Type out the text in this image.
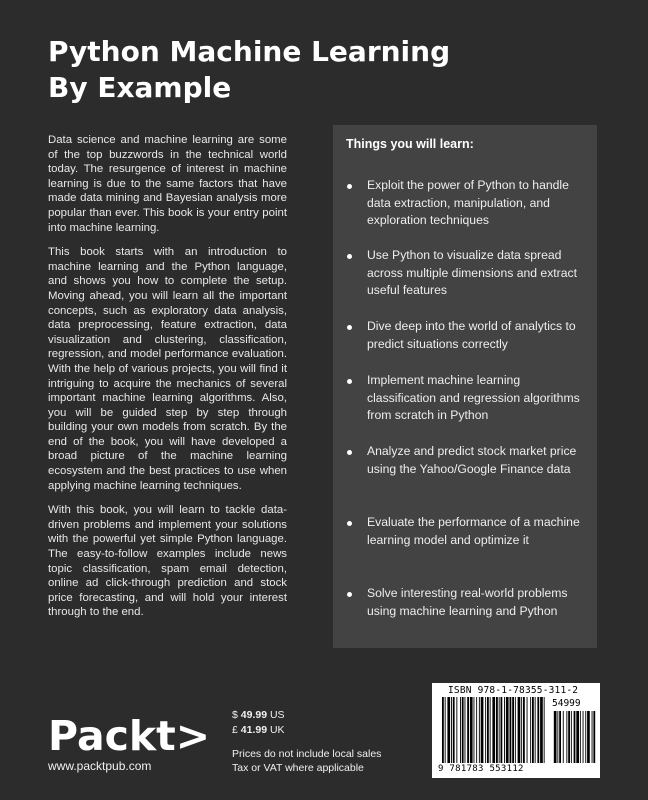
Python Machine Learning
By Example

Data science and machine learning are some of the top buzzwords in the technical world today. The resurgence of interest in machine learning is due to the same factors that have made data mining and Bayesian analysis more popular than ever. This book is your entry point into machine learning.

This book starts with an introduction to machine learning and the Python language, and shows you how to complete the setup. Moving ahead, you will learn all the important concepts, such as exploratory data analysis, data preprocessing, feature extraction, data visualization and clustering, classification, regression, and model performance evaluation. With the help of various projects, you will find it intriguing to acquire the mechanics of several important machine learning algorithms. Also, you will be guided step by step through building your own models from scratch. By the end of the book, you will have developed a broad picture of the machine learning ecosystem and the best practices to use when applying machine learning techniques.

With this book, you will learn to tackle data-driven problems and implement your solutions with the powerful yet simple Python language. The easy-to-follow examples include news topic classification, spam email detection, online ad click-through prediction and stock price forecasting, and will hold your interest through to the end.

Things you will learn:
Exploit the power of Python to handle data extraction, manipulation, and exploration techniques
Use Python to visualize data spread across multiple dimensions and extract useful features
Dive deep into the world of analytics to predict situations correctly
Implement machine learning classification and regression algorithms from scratch in Python
Analyze and predict stock market price using the Yahoo/Google Finance data
Evaluate the performance of a machine learning model and optimize it
Solve interesting real-world problems using machine learning and Python
Packt>
www.packtpub.com
$ 49.99 US
£ 41.99 UK
Prices do not include local sales
Tax or VAT where applicable
ISBN 978-1-78355-311-2
54999
9 781783 553112
